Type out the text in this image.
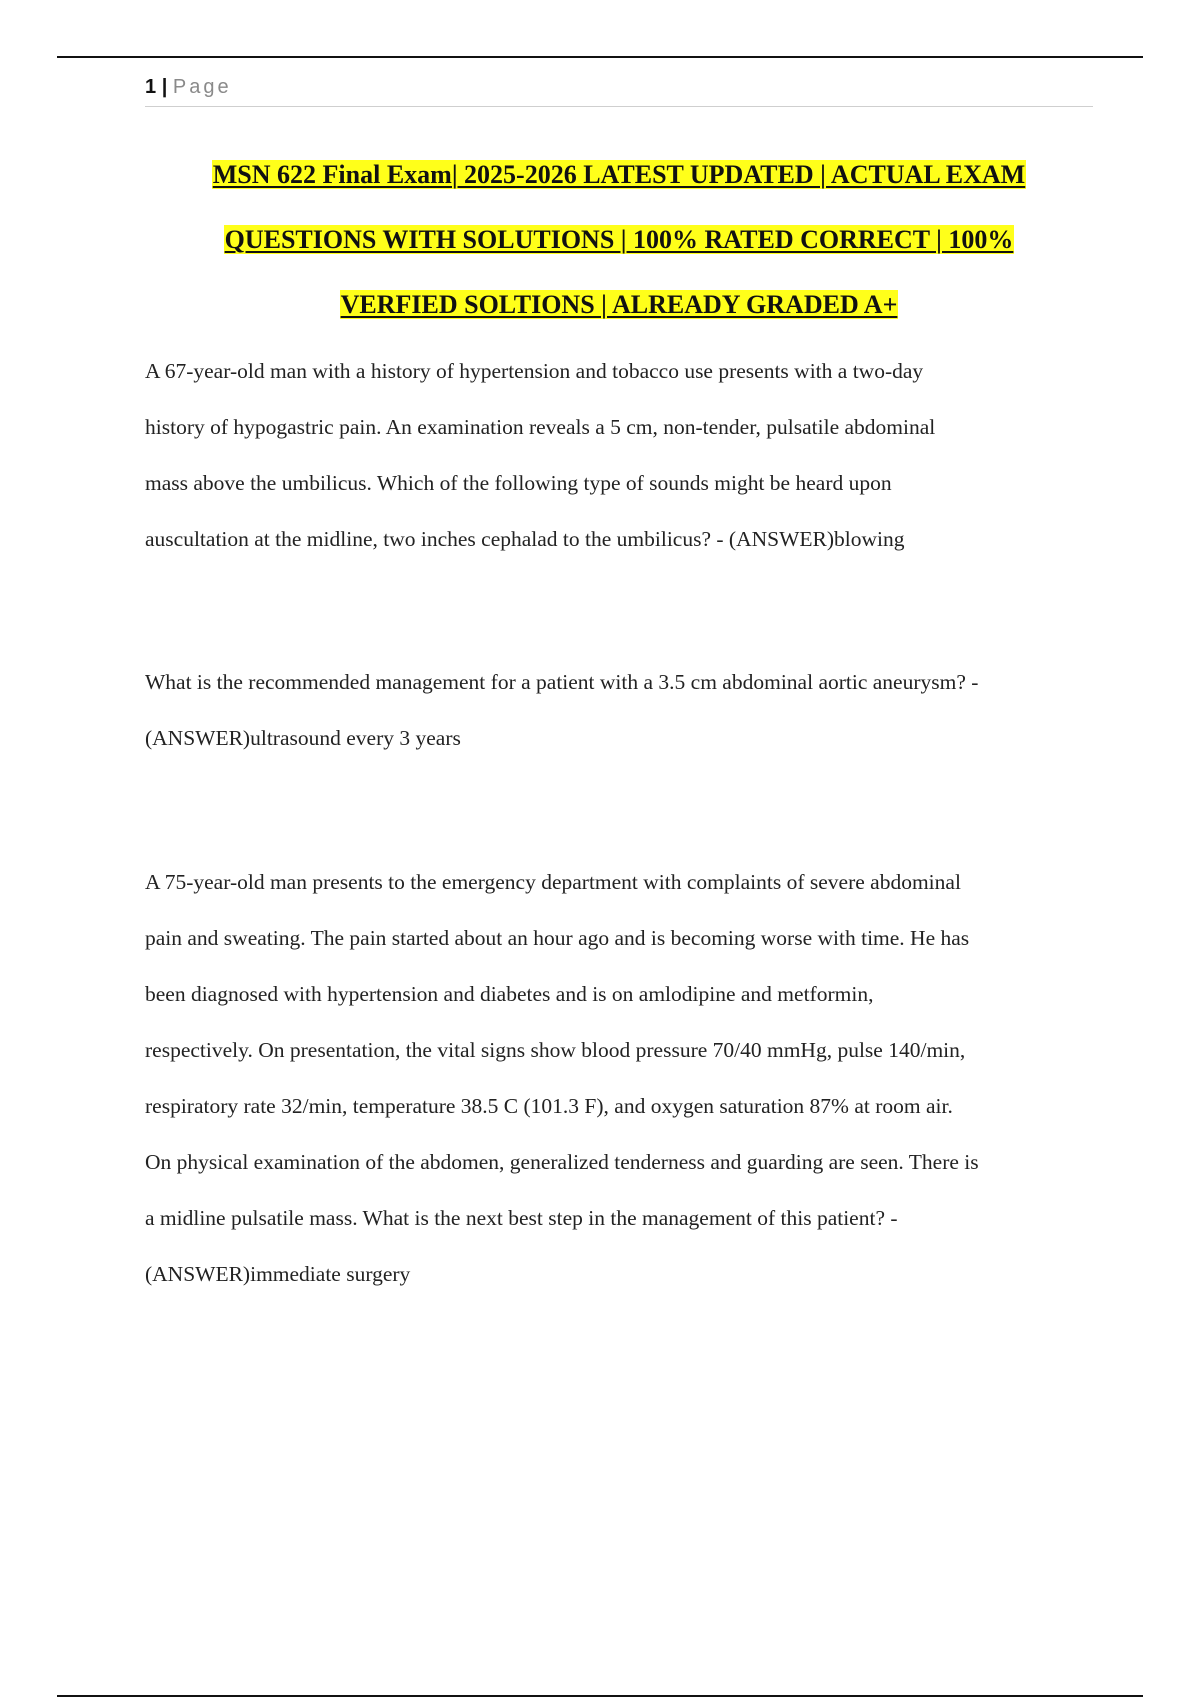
1 | Page
MSN 622 Final Exam| 2025-2026 LATEST UPDATED | ACTUAL EXAM
QUESTIONS WITH SOLUTIONS | 100% RATED CORRECT | 100%
VERFIED SOLTIONS | ALREADY GRADED A+

A 67-year-old man with a history of hypertension and tobacco use presents with a two-day
history of hypogastric pain. An examination reveals a 5 cm, non-tender, pulsatile abdominal
mass above the umbilicus. Which of the following type of sounds might be heard upon
auscultation at the midline, two inches cephalad to the umbilicus? - (ANSWER)blowing

What is the recommended management for a patient with a 3.5 cm abdominal aortic aneurysm? -
(ANSWER)ultrasound every 3 years

A 75-year-old man presents to the emergency department with complaints of severe abdominal
pain and sweating. The pain started about an hour ago and is becoming worse with time. He has
been diagnosed with hypertension and diabetes and is on amlodipine and metformin,
respectively. On presentation, the vital signs show blood pressure 70/40 mmHg, pulse 140/min,
respiratory rate 32/min, temperature 38.5 C (101.3 F), and oxygen saturation 87% at room air.
On physical examination of the abdomen, generalized tenderness and guarding are seen. There is
a midline pulsatile mass. What is the next best step in the management of this patient? -
(ANSWER)immediate surgery
